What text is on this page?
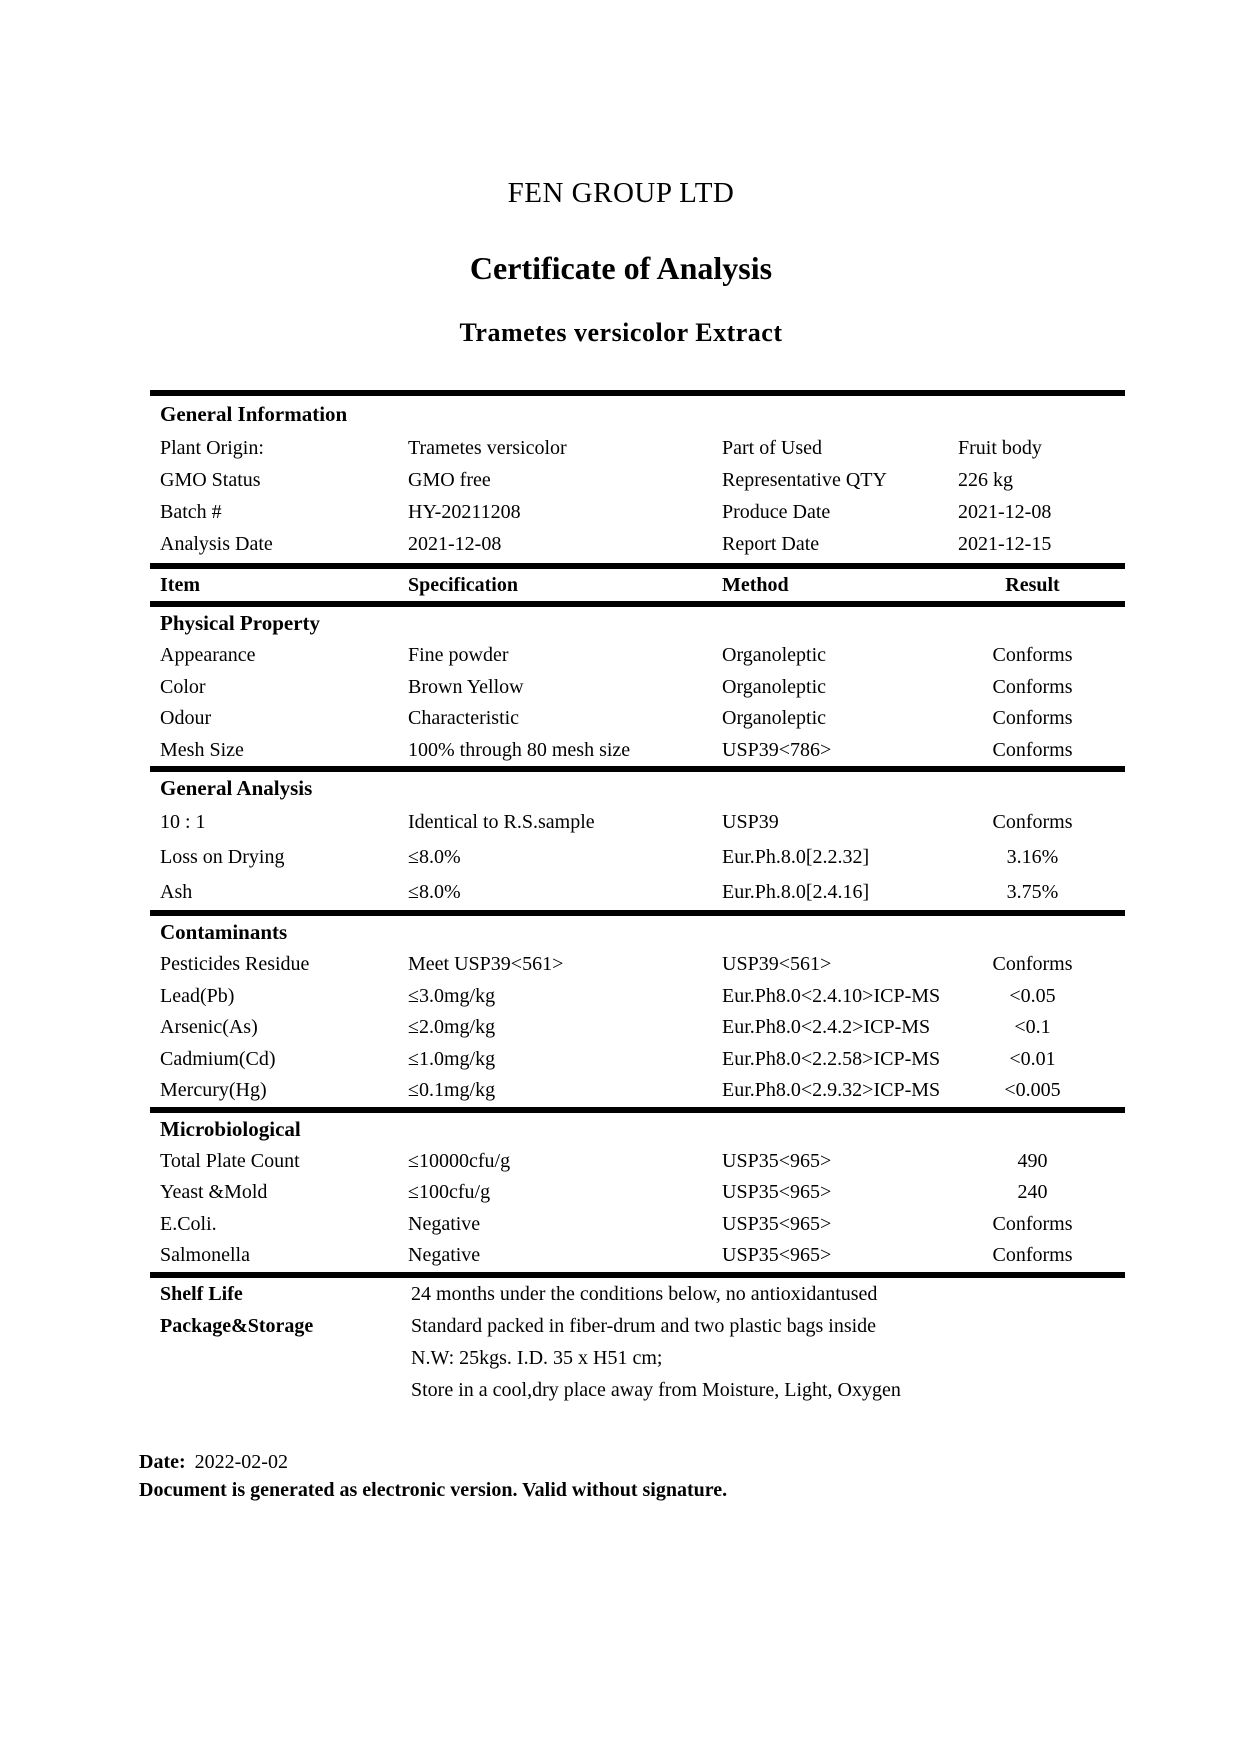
FEN GROUP LTD
Certificate of Analysis
Trametes versicolor Extract
General Information
Plant Origin:	Trametes versicolor	Part of Used	Fruit body
GMO Status	GMO free	Representative QTY	226 kg
Batch #	HY-20211208	Produce Date	2021-12-08
Analysis Date	2021-12-08	Report Date	2021-12-15
Item	Specification	Method	Result
Physical Property
Appearance	Fine powder	Organoleptic	Conforms
Color	Brown Yellow	Organoleptic	Conforms
Odour	Characteristic	Organoleptic	Conforms
Mesh Size	100% through 80 mesh size	USP39<786>	Conforms
General Analysis
10 : 1	Identical to R.S.sample	USP39	Conforms
Loss on Drying	≤8.0%	Eur.Ph.8.0[2.2.32]	3.16%
Ash	≤8.0%	Eur.Ph.8.0[2.4.16]	3.75%
Contaminants
Pesticides Residue	Meet USP39<561>	USP39<561>	Conforms
Lead(Pb)	≤3.0mg/kg	Eur.Ph8.0<2.4.10>ICP-MS	<0.05
Arsenic(As)	≤2.0mg/kg	Eur.Ph8.0<2.4.2>ICP-MS	<0.1
Cadmium(Cd)	≤1.0mg/kg	Eur.Ph8.0<2.2.58>ICP-MS	<0.01
Mercury(Hg)	≤0.1mg/kg	Eur.Ph8.0<2.9.32>ICP-MS	<0.005
Microbiological
Total Plate Count	≤10000cfu/g	USP35<965>	490
Yeast &Mold	≤100cfu/g	USP35<965>	240
E.Coli.	Negative	USP35<965>	Conforms
Salmonella	Negative	USP35<965>	Conforms
Shelf Life	24 months under the conditions below, no antioxidantused
Package&Storage	Standard packed in fiber-drum and two plastic bags inside
N.W: 25kgs. I.D. 35 x H51 cm;
Store in a cool,dry place away from Moisture, Light, Oxygen
Date: 2022-02-02
Document is generated as electronic version. Valid without signature.
